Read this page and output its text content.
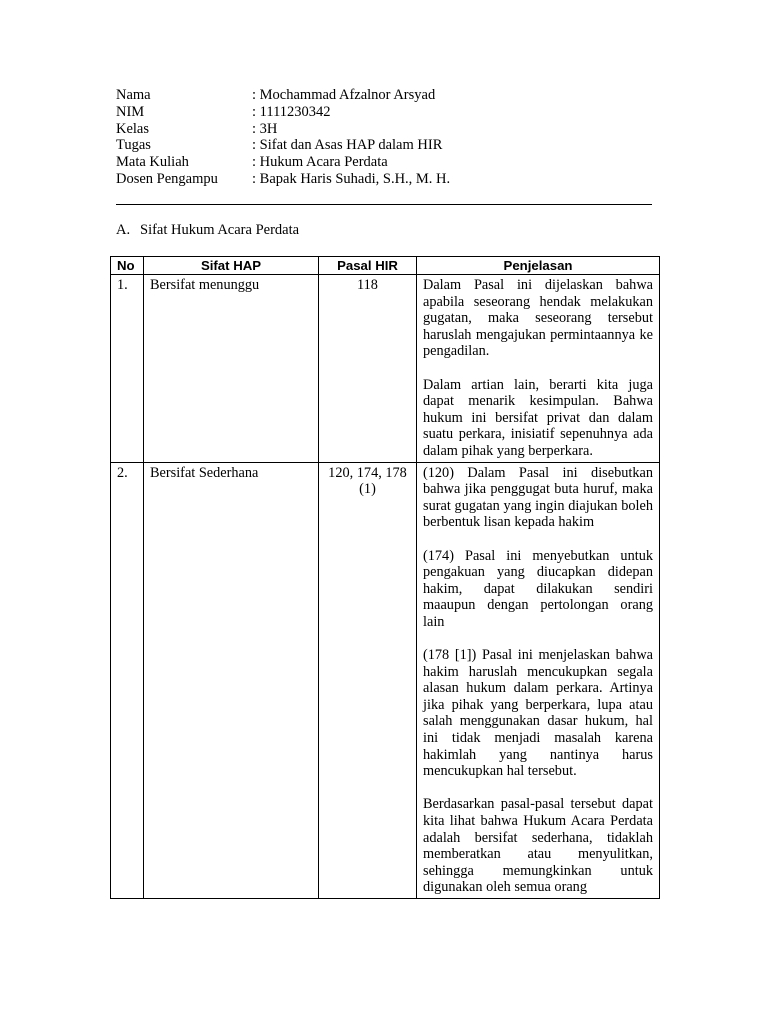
Nama	: Mochammad Afzalnor Arsyad
NIM	: 1111230342
Kelas	: 3H
Tugas	: Sifat dan Asas HAP dalam HIR
Mata Kuliah	: Hukum Acara Perdata
Dosen Pengampu	: Bapak Haris Suhadi, S.H., M. H.
A. Sifat Hukum Acara Perdata
No	Sifat HAP	Pasal HIR	Penjelasan
1.	Bersifat menunggu	118	Dalam Pasal ini dijelaskan bahwa apabila seseorang hendak melakukan gugatan, maka seseorang tersebut haruslah mengajukan permintaannya ke pengadilan.

Dalam artian lain, berarti kita juga dapat menarik kesimpulan. Bahwa hukum ini bersifat privat dan dalam suatu perkara, inisiatif sepenuhnya ada dalam pihak yang berperkara.

2.	Bersifat Sederhana	120, 174, 178 (1)	(120) Dalam Pasal ini disebutkan bahwa jika penggugat buta huruf, maka surat gugatan yang ingin diajukan boleh berbentuk lisan kepada hakim

(174) Pasal ini menyebutkan untuk pengakuan yang diucapkan didepan hakim, dapat dilakukan sendiri maaupun dengan pertolongan orang lain

(178 [1]) Pasal ini menjelaskan bahwa hakim haruslah mencukupkan segala alasan hukum dalam perkara. Artinya jika pihak yang berperkara, lupa atau salah menggunakan dasar hukum, hal ini tidak menjadi masalah karena hakimlah yang nantinya harus mencukupkan hal tersebut.

Berdasarkan pasal-pasal tersebut dapat kita lihat bahwa Hukum Acara Perdata adalah bersifat sederhana, tidaklah memberatkan atau menyulitkan, sehingga memungkinkan untuk digunakan oleh semua orang
